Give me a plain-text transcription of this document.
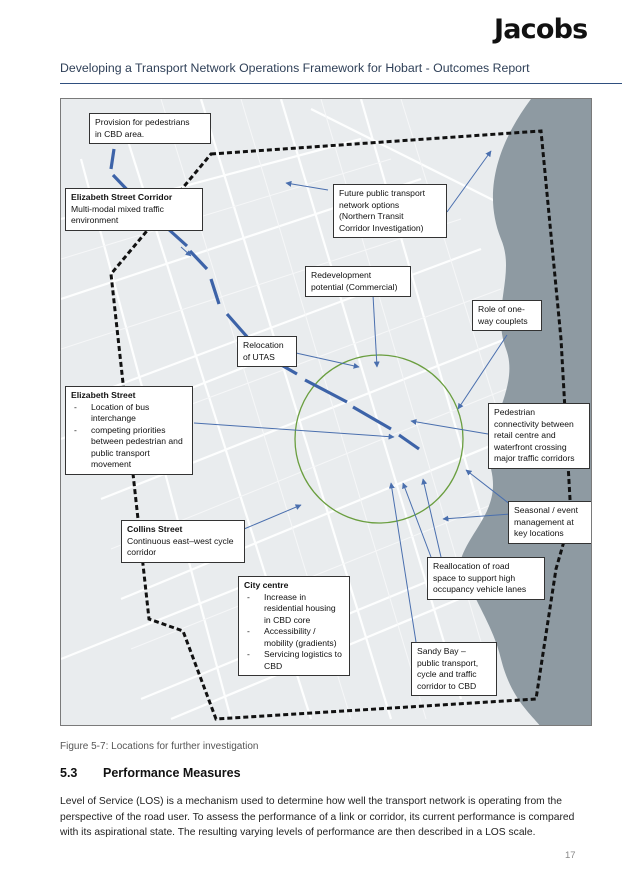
Jacobs
Developing a Transport Network Operations Framework for Hobart - Outcomes Report
Provision for pedestrians
in CBD area.
Elizabeth Street Corridor
Multi-modal mixed traffic
environment
Future public transport
network options
(Northern Transit
Corridor Investigation)
Redevelopment
potential (Commercial)
Role of one-
way couplets
Relocation
of UTAS
Elizabeth Street
- Location of bus interchange
- competing priorities between pedestrian and public transport movement
Pedestrian
connectivity between
retail centre and
waterfront crossing
major traffic corridors
Seasonal / event
management at
key locations
Collins Street
Continuous east–west cycle
corridor
Reallocation of road
space to support high
occupancy vehicle lanes
City centre
- Increase in residential housing in CBD core
- Accessibility / mobility (gradients)
- Servicing logistics to CBD
Sandy Bay –
public transport,
cycle and traffic
corridor to CBD
Figure 5-7: Locations for further investigation
5.3 Performance Measures

Level of Service (LOS) is a mechanism used to determine how well the transport network is operating from the perspective of the road user. To assess the performance of a link or corridor, its current performance is compared with its aspirational state. The resulting varying levels of performance are then described in a LOS scale.

17
